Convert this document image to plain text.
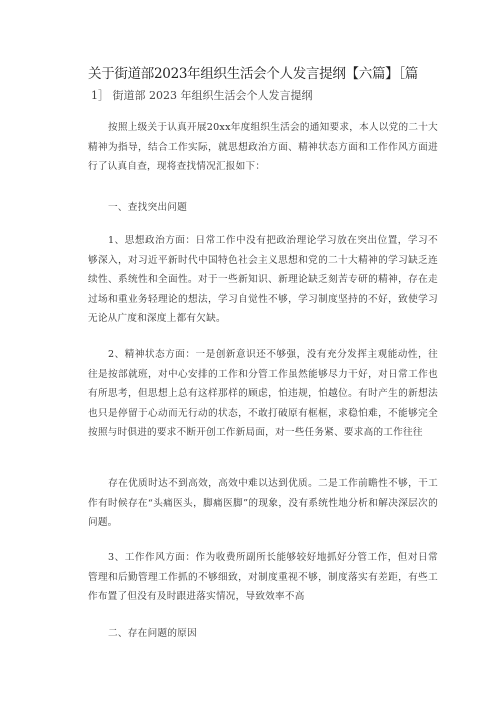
关于街道部2023年组织生活会个人发言提纲【六篇】［篇
1］ 街道部 2023 年组织生活会个人发言提纲
按照上级关于认真开展20xx年度组织生活会的通知要求，本人以党的二十大精神为指导，结合工作实际，就思想政治方面、精神状态方面和工作作风方面进行了认真自查，现将查找情况汇报如下：
一、查找突出问题
1、思想政治方面：日常工作中没有把政治理论学习放在突出位置，学习不够深入，对习近平新时代中国特色社会主义思想和党的二十大精神的学习缺乏连续性、系统性和全面性。对于一些新知识、新理论缺乏刻苦专研的精神，存在走过场和重业务轻理论的想法，学习自觉性不够，学习制度坚持的不好，致使学习无论从广度和深度上都有欠缺。
2、精神状态方面：一是创新意识还不够强，没有充分发挥主观能动性，往往是按部就班，对中心安排的工作和分管工作虽然能够尽力干好，对日常工作也有所思考，但思想上总有这样那样的顾虑，怕违规，怕越位。有时产生的新想法也只是停留于心动而无行动的状态，不敢打破原有框框，求稳怕难，不能够完全按照与时俱进的要求不断开创工作新局面，对一些任务紧、要求高的工作往往
存在优质时达不到高效，高效中难以达到优质。二是工作前瞻性不够，干工作有时候存在“头痛医头，脚痛医脚”的现象，没有系统性地分析和解决深层次的问题。
3、工作作风方面：作为收费所副所长能够较好地抓好分管工作，但对日常管理和后勤管理工作抓的不够细致，对制度重视不够，制度落实有差距，有些工作布置了但没有及时跟进落实情况，导致效率不高
二、存在问题的原因
